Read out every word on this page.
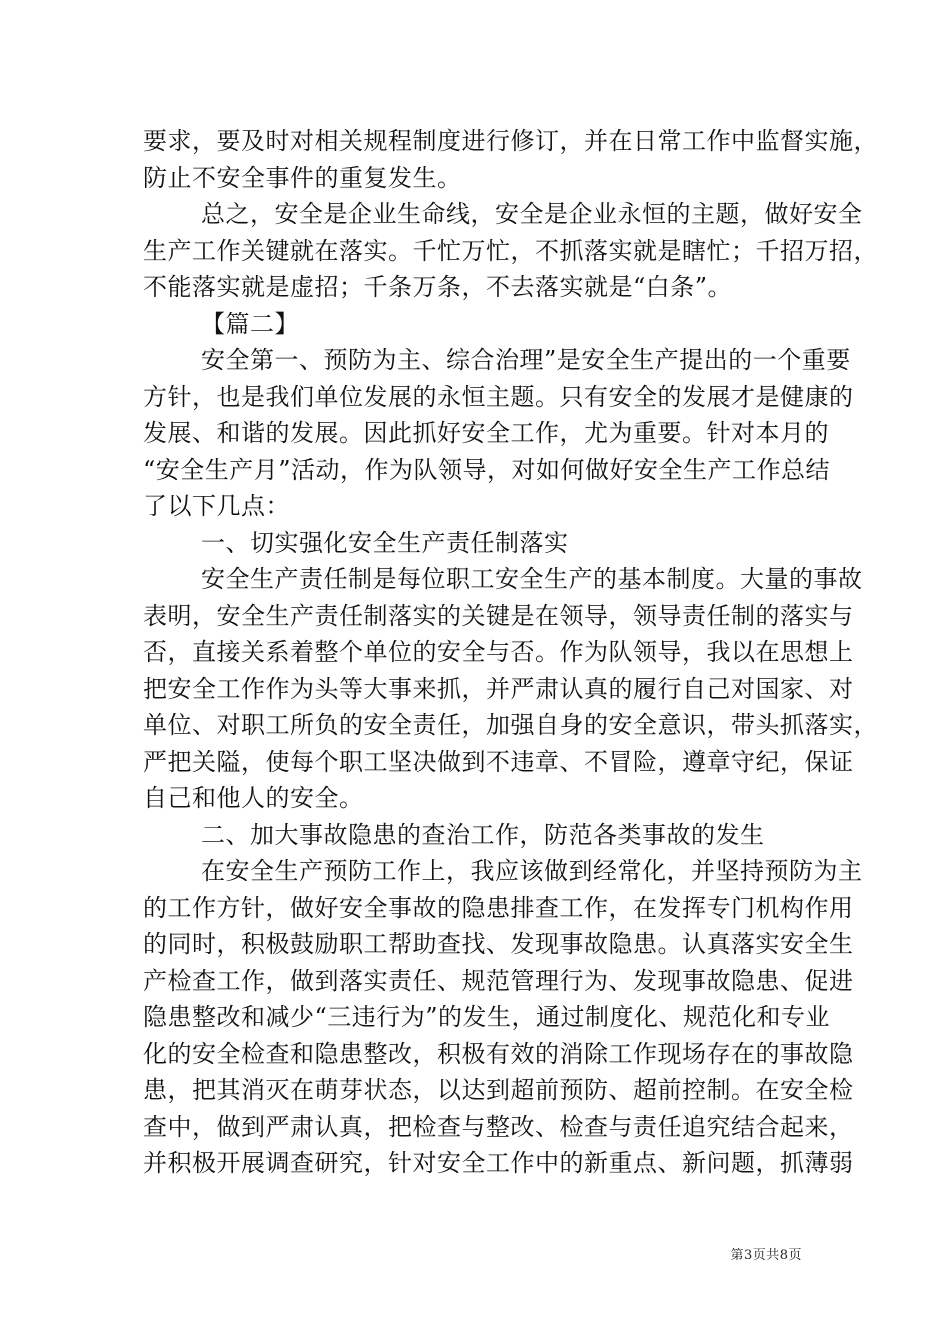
要求，要及时对相关规程制度进行修订，并在日常工作中监督实施，
防止不安全事件的重复发生。
总之，安全是企业生命线，安全是企业永恒的主题，做好安全
生产工作关键就在落实。千忙万忙，不抓落实就是瞎忙；千招万招，
不能落实就是虚招；千条万条，不去落实就是“白条”。
【篇二】
安全第一、预防为主、综合治理”是安全生产提出的一个重要
方针，也是我们单位发展的永恒主题。只有安全的发展才是健康的
发展、和谐的发展。因此抓好安全工作，尤为重要。针对本月的
“安全生产月”活动，作为队领导，对如何做好安全生产工作总结
了以下几点：
一、切实强化安全生产责任制落实
安全生产责任制是每位职工安全生产的基本制度。大量的事故
表明，安全生产责任制落实的关键是在领导，领导责任制的落实与
否，直接关系着整个单位的安全与否。作为队领导，我以在思想上
把安全工作作为头等大事来抓，并严肃认真的履行自己对国家、对
单位、对职工所负的安全责任，加强自身的安全意识，带头抓落实，
严把关隘，使每个职工坚决做到不违章、不冒险，遵章守纪，保证
自己和他人的安全。
二、加大事故隐患的查治工作，防范各类事故的发生
在安全生产预防工作上，我应该做到经常化，并坚持预防为主
的工作方针，做好安全事故的隐患排查工作，在发挥专门机构作用
的同时，积极鼓励职工帮助查找、发现事故隐患。认真落实安全生
产检查工作，做到落实责任、规范管理行为、发现事故隐患、促进
隐患整改和减少“三违行为”的发生，通过制度化、规范化和专业
化的安全检查和隐患整改，积极有效的消除工作现场存在的事故隐
患，把其消灭在萌芽状态，以达到超前预防、超前控制。在安全检
查中，做到严肃认真，把检查与整改、检查与责任追究结合起来，
并积极开展调查研究，针对安全工作中的新重点、新问题，抓薄弱
第3页共8页
